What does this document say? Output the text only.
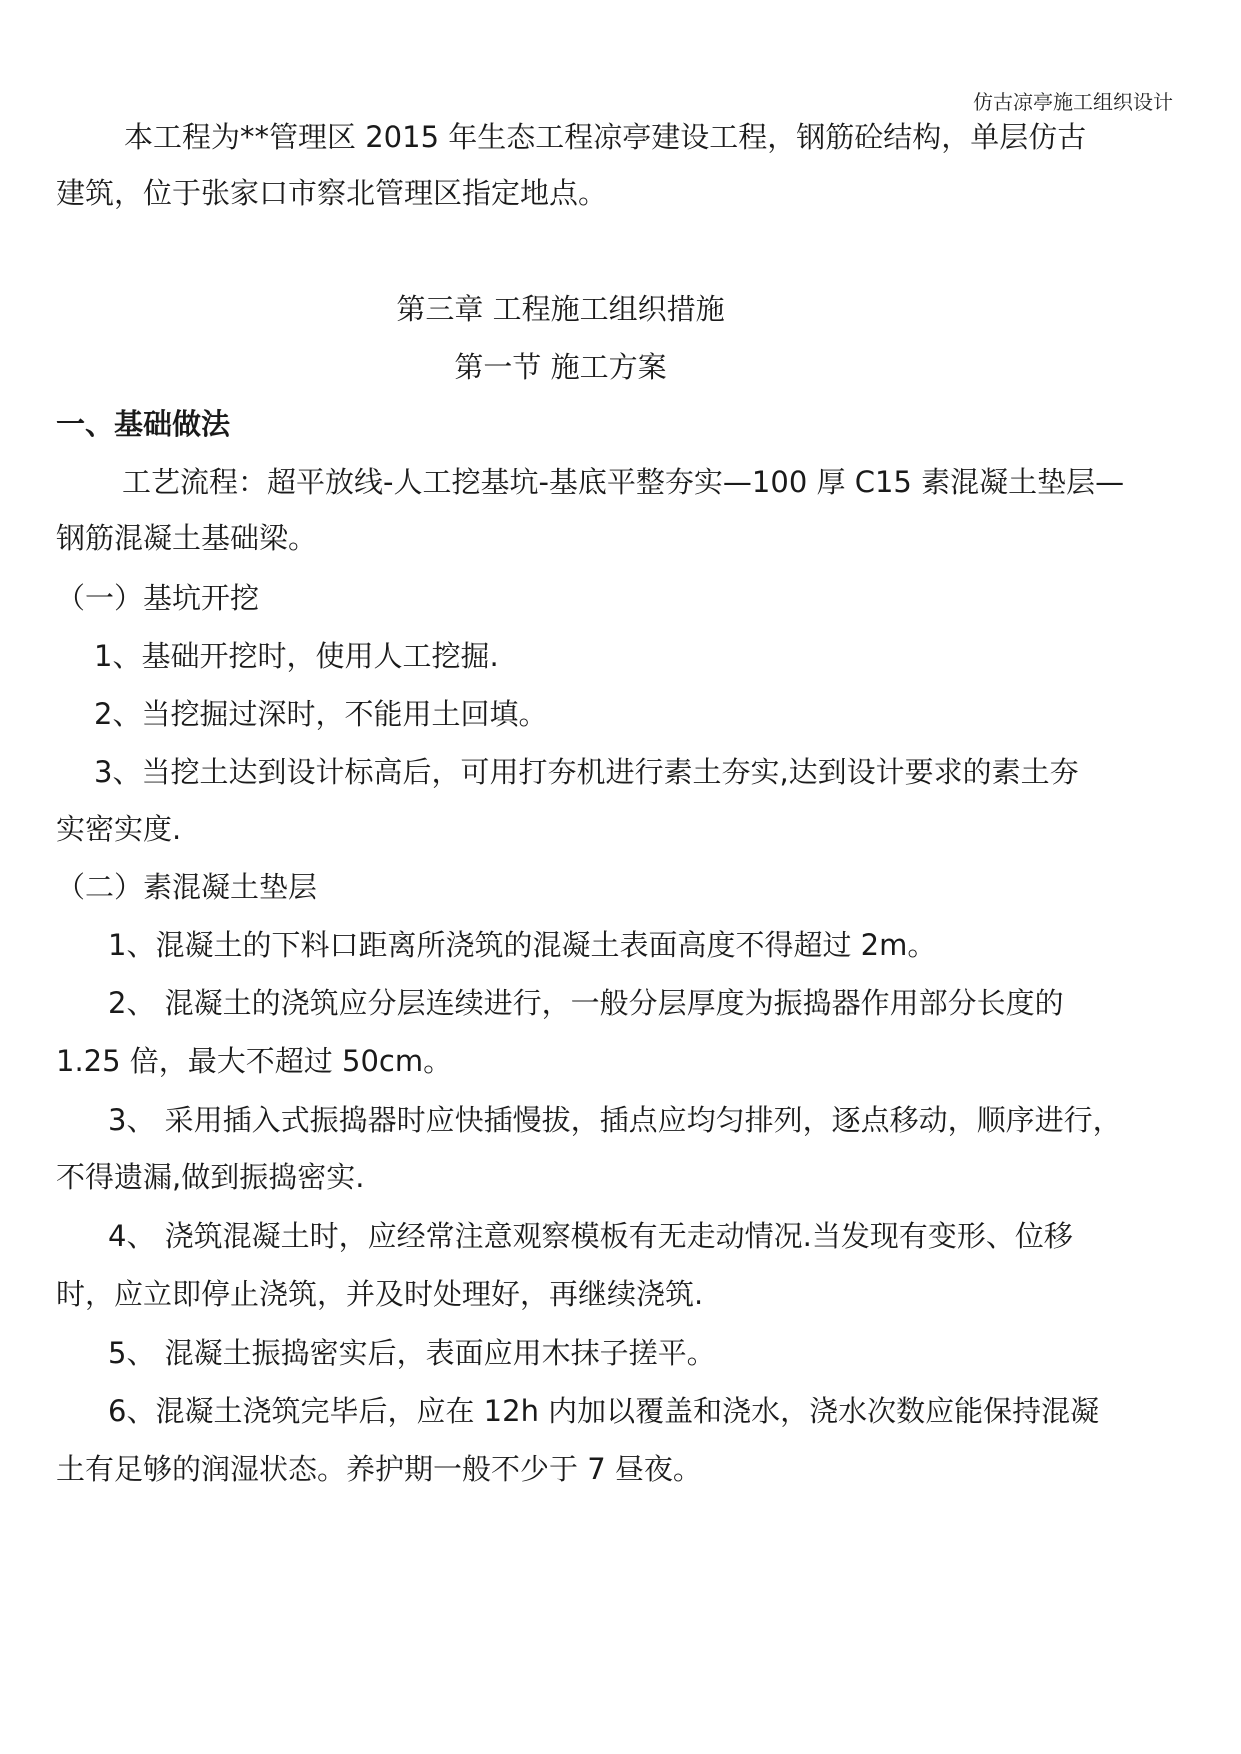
仿古凉亭施工组织设计
本工程为**管理区 2015 年生态工程凉亭建设工程，钢筋砼结构，单层仿古
建筑，位于张家口市察北管理区指定地点。
第三章 工程施工组织措施
第一节 施工方案
一、基础做法
工艺流程：超平放线-人工挖基坑-基底平整夯实—100 厚 C15 素混凝土垫层—
钢筋混凝土基础梁。
（一）基坑开挖
1、基础开挖时，使用人工挖掘.
2、当挖掘过深时，不能用土回填。
3、当挖土达到设计标高后，可用打夯机进行素土夯实,达到设计要求的素土夯
实密实度.
（二）素混凝土垫层
1、混凝土的下料口距离所浇筑的混凝土表面高度不得超过 2m。
2、 混凝土的浇筑应分层连续进行，一般分层厚度为振捣器作用部分长度的
1.25 倍，最大不超过 50cm。
3、 采用插入式振捣器时应快插慢拔，插点应均匀排列，逐点移动，顺序进行，
不得遗漏,做到振捣密实.
4、 浇筑混凝土时，应经常注意观察模板有无走动情况.当发现有变形、位移
时，应立即停止浇筑，并及时处理好，再继续浇筑.
5、 混凝土振捣密实后，表面应用木抹子搓平。
6、混凝土浇筑完毕后，应在 12h 内加以覆盖和浇水，浇水次数应能保持混凝
土有足够的润湿状态。养护期一般不少于 7 昼夜。
